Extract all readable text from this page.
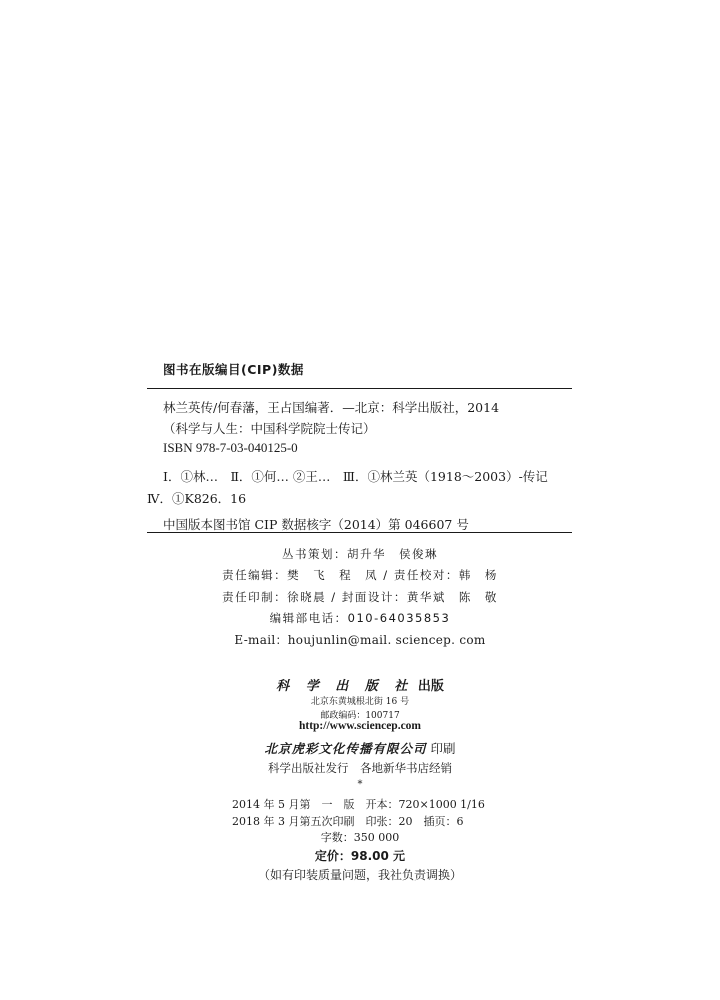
图书在版编目(CIP)数据
林兰英传/何春藩，王占国编著．—北京：科学出版社，2014
（科学与人生：中国科学院院士传记）
ISBN 978-7-03-040125-0
Ⅰ．①林…　Ⅱ．①何… ②王…　Ⅲ．①林兰英（1918～2003）-传记
Ⅳ．①K826．16
中国版本图书馆 CIP 数据核字（2014）第 046607 号
丛书策划：胡升华　侯俊琳
责任编辑：樊　飞　程　凤 / 责任校对：韩　杨
责任印制：徐晓晨 / 封面设计：黄华斌　陈　敬
编辑部电话：010-64035853
E-mail：houjunlin@mail. sciencep. com
科 学 出 版 社 出版
北京东黄城根北街 16 号
邮政编码：100717
http://www.sciencep.com
北京虎彩文化传播有限公司 印刷
科学出版社发行　各地新华书店经销
*
2014 年 5 月第　一　版　开本：720×1000 1/16
2018 年 3 月第五次印刷　印张：20　插页：6
字数：350 000
定价：98.00 元
（如有印装质量问题，我社负责调换）
